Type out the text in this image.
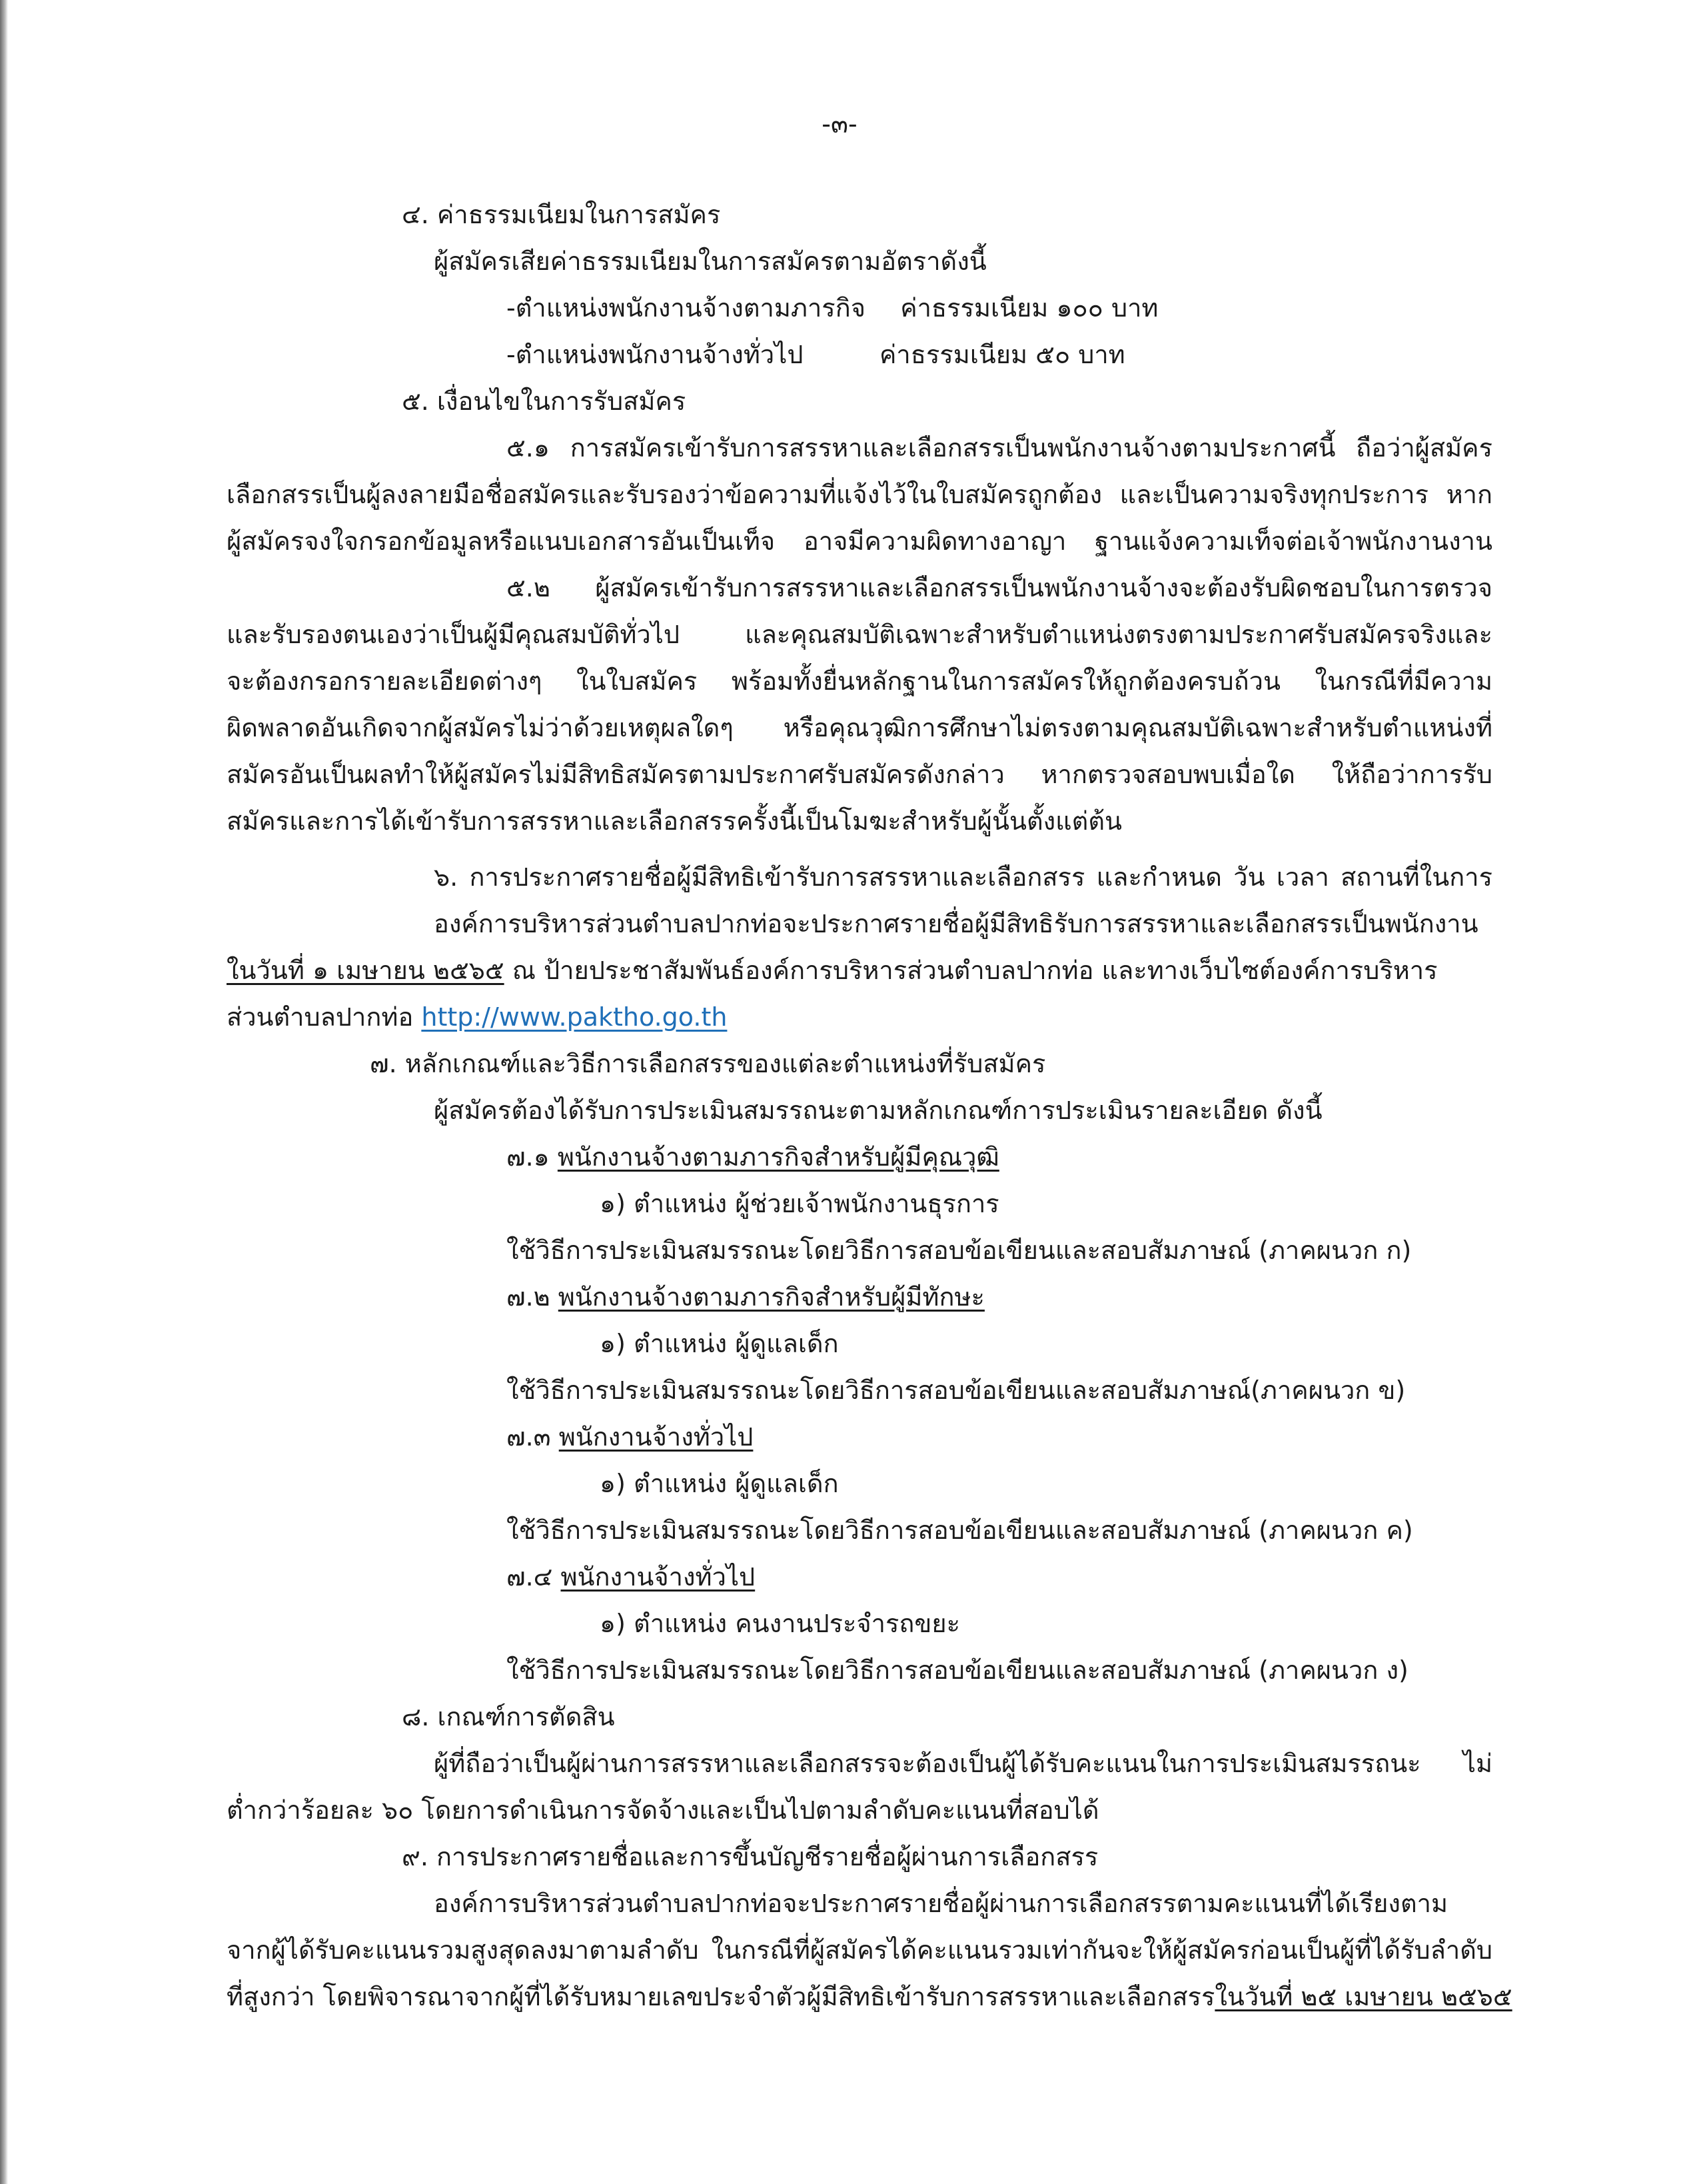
-๓-
๔. ค่าธรรมเนียมในการสมัคร
ผู้สมัครเสียค่าธรรมเนียมในการสมัครตามอัตราดังนี้
-ตำแหน่งพนักงานจ้างตามภารกิจ ค่าธรรมเนียม ๑๐๐ บาท
-ตำแหน่งพนักงานจ้างทั่วไป	ค่าธรรมเนียม ๕๐ บาท
๕. เงื่อนไขในการรับสมัคร
๕.๑ การสมัครเข้ารับการสรรหาและเลือกสรรเป็นพนักงานจ้างตามประกาศนี้ ถือว่าผู้สมัคร
เลือกสรรเป็นผู้ลงลายมือชื่อสมัครและรับรองว่าข้อความที่แจ้งไว้ในใบสมัครถูกต้อง และเป็นความจริงทุกประการ หาก
ผู้สมัครจงใจกรอกข้อมูลหรือแนบเอกสารอันเป็นเท็จ อาจมีความผิดทางอาญา ฐานแจ้งความเท็จต่อเจ้าพนักงานงาน
๕.๒ ผู้สมัครเข้ารับการสรรหาและเลือกสรรเป็นพนักงานจ้างจะต้องรับผิดชอบในการตรวจ
และรับรองตนเองว่าเป็นผู้มีคุณสมบัติทั่วไป และคุณสมบัติเฉพาะสำหรับตำแหน่งตรงตามประกาศรับสมัครจริงและ
จะต้องกรอกรายละเอียดต่างๆ ในใบสมัคร พร้อมทั้งยื่นหลักฐานในการสมัครให้ถูกต้องครบถ้วน ในกรณีที่มีความ
ผิดพลาดอันเกิดจากผู้สมัครไม่ว่าด้วยเหตุผลใดๆ หรือคุณวุฒิการศึกษาไม่ตรงตามคุณสมบัติเฉพาะสำหรับตำแหน่งที่
สมัครอันเป็นผลทำให้ผู้สมัครไม่มีสิทธิสมัครตามประกาศรับสมัครดังกล่าว หากตรวจสอบพบเมื่อใด ให้ถือว่าการรับ
สมัครและการได้เข้ารับการสรรหาและเลือกสรรครั้งนี้เป็นโมฆะสำหรับผู้นั้นตั้งแต่ต้น
๖. การประกาศรายชื่อผู้มีสิทธิเข้ารับการสรรหาและเลือกสรร และกำหนด วัน เวลา สถานที่ในการ
องค์การบริหารส่วนตำบลปากท่อจะประกาศรายชื่อผู้มีสิทธิรับการสรรหาและเลือกสรรเป็นพนักงาน
ในวันที่ ๑ เมษายน ๒๕๖๕ ณ ป้ายประชาสัมพันธ์องค์การบริหารส่วนตำบลปากท่อ และทางเว็บไซต์องค์การบริหาร
ส่วนตำบลปากท่อ http://www.paktho.go.th
๗. หลักเกณฑ์และวิธีการเลือกสรรของแต่ละตำแหน่งที่รับสมัคร
ผู้สมัครต้องได้รับการประเมินสมรรถนะตามหลักเกณฑ์การประเมินรายละเอียด ดังนี้
๗.๑ พนักงานจ้างตามภารกิจสำหรับผู้มีคุณวุฒิ
๑) ตำแหน่ง ผู้ช่วยเจ้าพนักงานธุรการ
ใช้วิธีการประเมินสมรรถนะโดยวิธีการสอบข้อเขียนและสอบสัมภาษณ์ (ภาคผนวก ก)
๗.๒ พนักงานจ้างตามภารกิจสำหรับผู้มีทักษะ
๑) ตำแหน่ง ผู้ดูแลเด็ก
ใช้วิธีการประเมินสมรรถนะโดยวิธีการสอบข้อเขียนและสอบสัมภาษณ์(ภาคผนวก ข)
๗.๓ พนักงานจ้างทั่วไป
๑) ตำแหน่ง ผู้ดูแลเด็ก
ใช้วิธีการประเมินสมรรถนะโดยวิธีการสอบข้อเขียนและสอบสัมภาษณ์ (ภาคผนวก ค)
๗.๔ พนักงานจ้างทั่วไป
๑) ตำแหน่ง คนงานประจำรถขยะ
ใช้วิธีการประเมินสมรรถนะโดยวิธีการสอบข้อเขียนและสอบสัมภาษณ์ (ภาคผนวก ง)
๘. เกณฑ์การตัดสิน
ผู้ที่ถือว่าเป็นผู้ผ่านการสรรหาและเลือกสรรจะต้องเป็นผู้ได้รับคะแนนในการประเมินสมรรถนะ ไม่
ต่ำกว่าร้อยละ ๖๐ โดยการดำเนินการจัดจ้างและเป็นไปตามลำดับคะแนนที่สอบได้
๙. การประกาศรายชื่อและการขึ้นบัญชีรายชื่อผู้ผ่านการเลือกสรร
องค์การบริหารส่วนตำบลปากท่อจะประกาศรายชื่อผู้ผ่านการเลือกสรรตามคะแนนที่ได้เรียงตาม
จากผู้ได้รับคะแนนรวมสูงสุดลงมาตามลำดับ ในกรณีที่ผู้สมัครได้คะแนนรวมเท่ากันจะให้ผู้สมัครก่อนเป็นผู้ที่ได้รับลำดับ
ที่สูงกว่า โดยพิจารณาจากผู้ที่ได้รับหมายเลขประจำตัวผู้มีสิทธิเข้ารับการสรรหาและเลือกสรรในวันที่ ๒๕ เมษายน ๒๕๖๕
